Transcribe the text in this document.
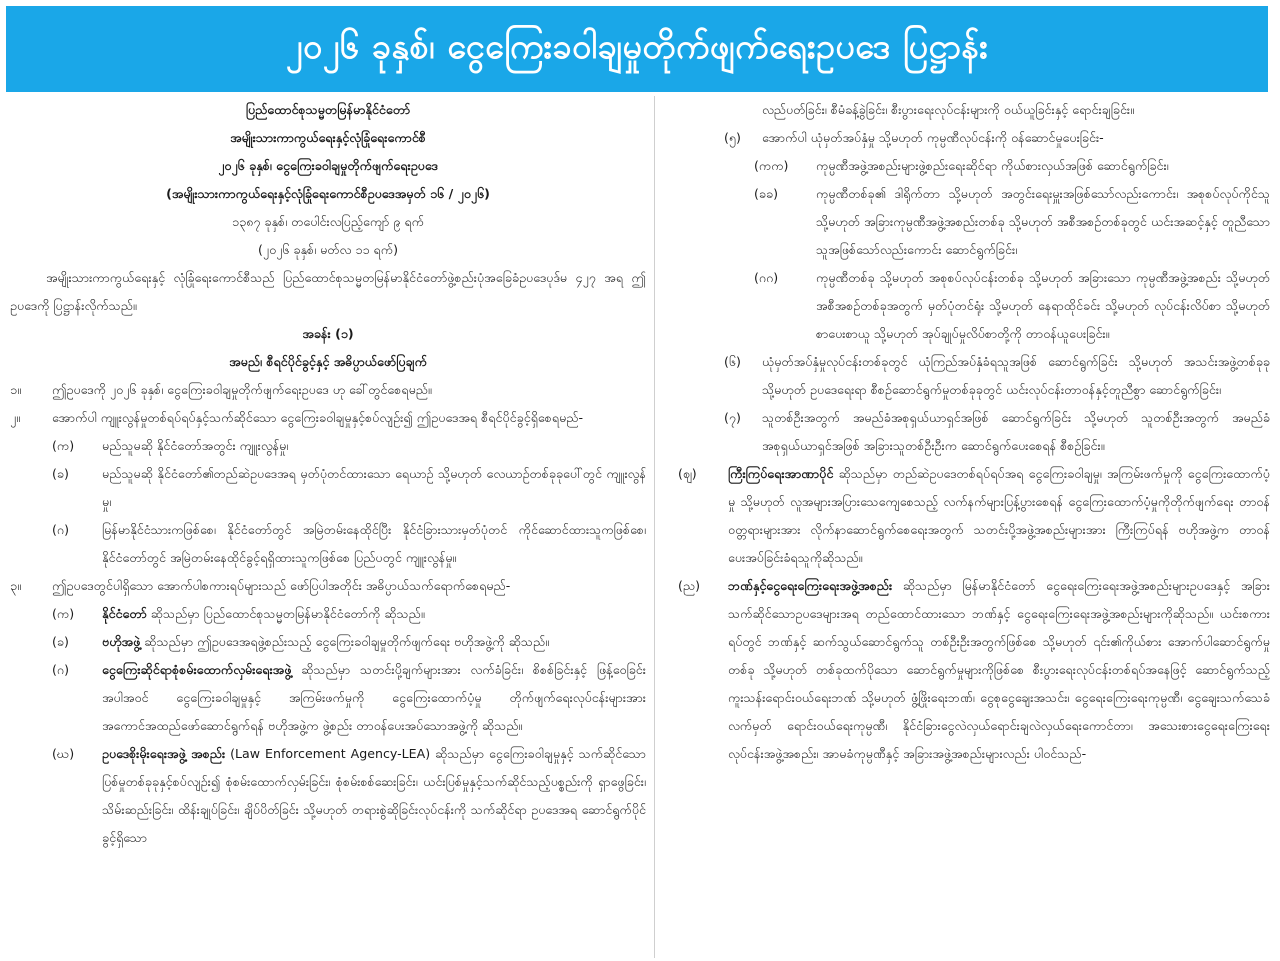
၂၀၂၆ ခုနှစ်၊ ငွေကြေးခဝါချမှုတိုက်ဖျက်ရေးဥပဒေ ပြဋ္ဌာန်း

ပြည်ထောင်စုသမ္မတမြန်မာနိုင်ငံတော်

အမျိုးသားကာကွယ်ရေးနှင့်လုံခြုံရေးကောင်စီ

၂၀၂၆ ခုနှစ်၊ ငွေကြေးခဝါချမှုတိုက်ဖျက်ရေးဥပဒေ

(အမျိုးသားကာကွယ်ရေးနှင့်လုံခြုံရေးကောင်စီဥပဒေအမှတ် ၁၆ / ၂၀၂၆)

၁၃၈၇ ခုနှစ်၊ တပေါင်းလပြည့်ကျော် ၉ ရက်

(၂၀၂၆ ခုနှစ်၊ မတ်လ ၁၁ ရက်)

အမျိုးသားကာကွယ်ရေးနှင့် လုံခြုံရေးကောင်စီသည် ပြည်ထောင်စုသမ္မတမြန်မာနိုင်ငံတော်ဖွဲ့စည်းပုံအခြေခံဥပဒေပုဒ်မ ၄၂၇ အရ ဤဥပဒေကို ပြဋ္ဌာန်းလိုက်သည်။

အခန်း (၁)

အမည်၊ စီရင်ပိုင်ခွင့်နှင့် အဓိပ္ပာယ်ဖော်ပြချက်

၁။	ဤဥပဒေကို ၂၀၂၆ ခုနှစ်၊ ငွေကြေးခဝါချမှုတိုက်ဖျက်ရေးဥပဒေ ဟု ခေါ်တွင်စေရမည်။
၂။	အောက်ပါ ကျူးလွန်မှုတစ်ရပ်ရပ်နှင့်သက်ဆိုင်သော ငွေကြေးခဝါချမှုနှင့်စပ်လျဉ်း၍ ဤဥပဒေအရ စီရင်ပိုင်ခွင့်ရှိစေရမည်-
(က)	မည်သူမဆို နိုင်ငံတော်အတွင်း ကျူးလွန်မှု၊
(ခ)	မည်သူမဆို နိုင်ငံတော်၏တည်ဆဲဥပဒေအရ မှတ်ပုံတင်ထားသော ရေယာဉ် သို့မဟုတ် လေယာဉ်တစ်ခုခုပေါ်တွင် ကျူးလွန်မှု၊
(ဂ)	မြန်မာနိုင်ငံသားကဖြစ်စေ၊ နိုင်ငံတော်တွင် အမြဲတမ်းနေထိုင်ပြီး နိုင်ငံခြားသားမှတ်ပုံတင် ကိုင်ဆောင်ထားသူကဖြစ်စေ၊ နိုင်ငံတော်တွင် အမြဲတမ်းနေထိုင်ခွင့်ရရှိထားသူကဖြစ်စေ ပြည်ပတွင် ကျူးလွန်မှု။
၃။	ဤဥပဒေတွင်ပါရှိသော အောက်ပါစကားရပ်များသည် ဖော်ပြပါအတိုင်း အဓိပ္ပာယ်သက်ရောက်စေရမည်-
(က)	နိုင်ငံတော် ဆိုသည်မှာ ပြည်ထောင်စုသမ္မတမြန်မာနိုင်ငံတော်ကို ဆိုသည်။
(ခ)	ဗဟိုအဖွဲ့ ဆိုသည်မှာ ဤဥပဒေအရဖွဲ့စည်းသည့် ငွေကြေးခဝါချမှုတိုက်ဖျက်ရေး ဗဟိုအဖွဲ့ကို ဆိုသည်။
(ဂ)	ငွေကြေးဆိုင်ရာစုံစမ်းထောက်လှမ်းရေးအဖွဲ့ ဆိုသည်မှာ သတင်းပို့ချက်များအား လက်ခံခြင်း၊ စိစစ်ခြင်းနှင့် ဖြန့်ဝေခြင်းအပါအဝင် ငွေကြေးခဝါချမှုနှင့် အကြမ်းဖက်မှုကို ငွေကြေးထောက်ပံ့မှု တိုက်ဖျက်ရေးလုပ်ငန်းများအား အကောင်အထည်ဖော်ဆောင်ရွက်ရန် ဗဟိုအဖွဲ့က ဖွဲ့စည်း တာဝန်ပေးအပ်သောအဖွဲ့ကို ဆိုသည်။
(ဃ)	ဥပဒေစိုးမိုးရေးအဖွဲ့ အစည်း (Law Enforcement Agency-LEA) ဆိုသည်မှာ ငွေကြေးခဝါချမှုနှင့် သက်ဆိုင်သောပြစ်မှုတစ်ခုခုနှင့်စပ်လျဉ်း၍ စုံစမ်းထောက်လှမ်းခြင်း၊ စုံစမ်းစစ်ဆေးခြင်း၊ ယင်းပြစ်မှုနှင့်သက်ဆိုင်သည့်ပစ္စည်းကို ရှာဖွေခြင်း၊ သိမ်းဆည်းခြင်း၊ ထိန်းချုပ်ခြင်း၊ ချိပ်ပိတ်ခြင်း သို့မဟုတ် တရားစွဲဆိုခြင်းလုပ်ငန်းကို သက်ဆိုင်ရာ ဥပဒေအရ ဆောင်ရွက်ပိုင်ခွင့်ရှိသော

လည်ပတ်ခြင်း၊ စီမံခန့်ခွဲခြင်း၊ စီးပွားရေးလုပ်ငန်းများကို ဝယ်ယူခြင်းနှင့် ရောင်းချခြင်း။

(၅)	အောက်ပါ ယုံမှတ်အပ်နှံမှု သို့မဟုတ် ကုမ္ပဏီလုပ်ငန်းကို ဝန်ဆောင်မှုပေးခြင်း-
(ကက)	ကုမ္ပဏီအဖွဲ့အစည်းများဖွဲ့စည်းရေးဆိုင်ရာ ကိုယ်စားလှယ်အဖြစ် ဆောင်ရွက်ခြင်း၊
(ခခ)	ကုမ္ပဏီတစ်ခု၏ ဒါရိုက်တာ သို့မဟုတ် အတွင်းရေးမှူးအဖြစ်သော်လည်းကောင်း၊ အစုစပ်လုပ်ကိုင်သူ သို့မဟုတ် အခြားကုမ္ပဏီအဖွဲ့အစည်းတစ်ခု သို့မဟုတ် အစီအစဉ်တစ်ခုတွင် ယင်းအဆင့်နှင့် တူညီသောသူအဖြစ်သော်လည်းကောင်း ဆောင်ရွက်ခြင်း၊
(ဂဂ)	ကုမ္ပဏီတစ်ခု သို့မဟုတ် အစုစပ်လုပ်ငန်းတစ်ခု သို့မဟုတ် အခြားသော ကုမ္ပဏီအဖွဲ့အစည်း သို့မဟုတ် အစီအစဉ်တစ်ခုအတွက် မှတ်ပုံတင်ရုံး သို့မဟုတ် နေရာထိုင်ခင်း သို့မဟုတ် လုပ်ငန်းလိပ်စာ သို့မဟုတ် စာပေးစာယူ သို့မဟုတ် အုပ်ချုပ်မှုလိပ်စာတို့ကို တာဝန်ယူပေးခြင်း။
(၆)	ယုံမှတ်အပ်နှံမှုလုပ်ငန်းတစ်ခုတွင် ယုံကြည်အပ်နှံခံရသူအဖြစ် ဆောင်ရွက်ခြင်း သို့မဟုတ် အသင်းအဖွဲ့တစ်ခုခု သို့မဟုတ် ဥပဒေရေးရာ စီစဉ်ဆောင်ရွက်မှုတစ်ခုခုတွင် ယင်းလုပ်ငန်းတာဝန်နှင့်တူညီစွာ ဆောင်ရွက်ခြင်း၊
(၇)	သူတစ်ဦးအတွက် အမည်ခံအစုရှယ်ယာရှင်အဖြစ် ဆောင်ရွက်ခြင်း သို့မဟုတ် သူတစ်ဦးအတွက် အမည်ခံအစုရှယ်ယာရှင်အဖြစ် အခြားသူတစ်ဦးဦးက ဆောင်ရွက်ပေးစေရန် စီစဉ်ခြင်း။
(ဈ)	ကြီးကြပ်ရေးအာဏာပိုင် ဆိုသည်မှာ တည်ဆဲဥပဒေတစ်ရပ်ရပ်အရ ငွေကြေးခဝါချမှု၊ အကြမ်းဖက်မှုကို ငွေကြေးထောက်ပံ့မှု သို့မဟုတ် လူအများအပြားသေကျေစေသည့် လက်နက်များပြန့်ပွားစေရန် ငွေကြေးထောက်ပံ့မှုကိုတိုက်ဖျက်ရေး တာဝန်ဝတ္တရားများအား လိုက်နာဆောင်ရွက်စေရေးအတွက် သတင်းပို့အဖွဲ့အစည်းများအား ကြီးကြပ်ရန် ဗဟိုအဖွဲ့က တာဝန်ပေးအပ်ခြင်းခံရသူကိုဆိုသည်။
(ည)	ဘဏ်နှင့်ငွေရေးကြေးရေးအဖွဲ့အစည်း ဆိုသည်မှာ မြန်မာနိုင်ငံတော် ငွေရေးကြေးရေးအဖွဲ့အစည်းများဥပဒေနှင့် အခြားသက်ဆိုင်သောဥပဒေများအရ တည်ထောင်ထားသော ဘဏ်နှင့် ငွေရေးကြေးရေးအဖွဲ့အစည်းများကိုဆိုသည်။ ယင်းစကားရပ်တွင် ဘဏ်နှင့် ဆက်သွယ်ဆောင်ရွက်သူ တစ်ဦးဦးအတွက်ဖြစ်စေ သို့မဟုတ် ၎င်း၏ကိုယ်စား အောက်ပါဆောင်ရွက်မှုတစ်ခု သို့မဟုတ် တစ်ခုထက်ပိုသော ဆောင်ရွက်မှုများကိုဖြစ်စေ စီးပွားရေးလုပ်ငန်းတစ်ရပ်အနေဖြင့် ဆောင်ရွက်သည့် ကူးသန်းရောင်းဝယ်ရေးဘဏ် သို့မဟုတ် ဖွံ့ဖြိုးရေးဘဏ်၊ ငွေစုငွေချေးအသင်း၊ ငွေရေးကြေးရေးကုမ္ပဏီ၊ ငွေချေးသက်သေခံလက်မှတ် ရောင်းဝယ်ရေးကုမ္ပဏီ၊ နိုင်ငံခြားငွေလဲလှယ်ရောင်းချလဲလှယ်ရေးကောင်တာ၊ အသေးစားငွေရေးကြေးရေးလုပ်ငန်းအဖွဲ့အစည်း၊ အာမခံကုမ္ပဏီနှင့် အခြားအဖွဲ့အစည်းများလည်း ပါဝင်သည်-
